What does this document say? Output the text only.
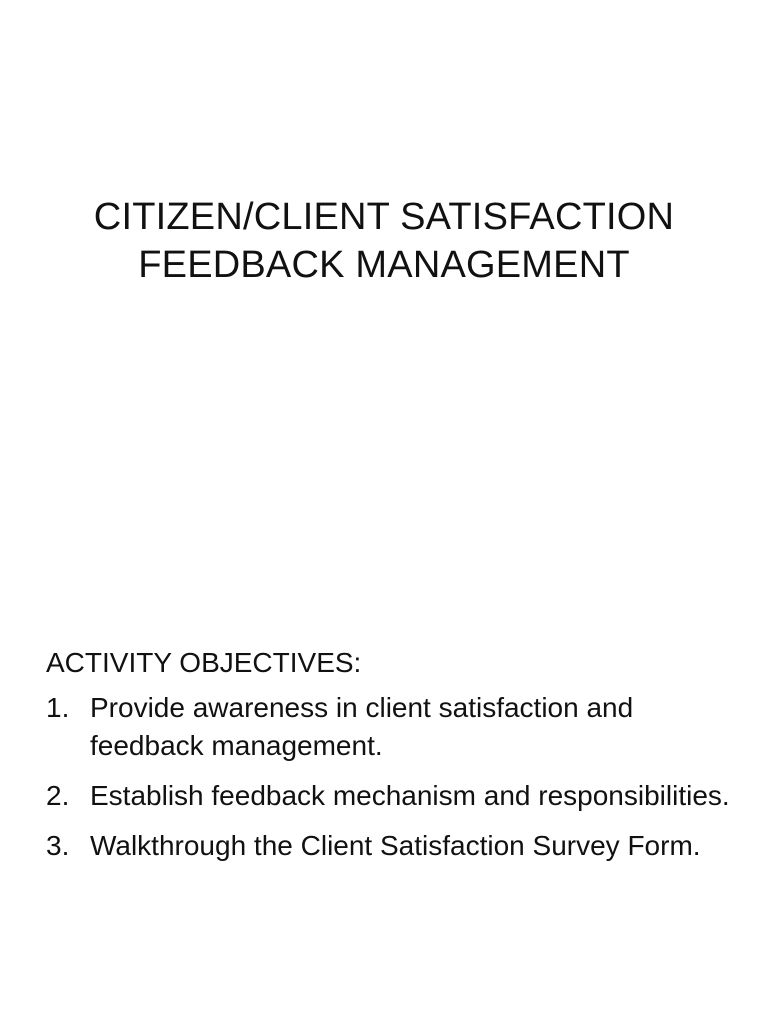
CITIZEN/CLIENT SATISFACTION
FEEDBACK MANAGEMENT
ACTIVITY OBJECTIVES:
1. Provide awareness in client satisfaction and feedback management.
2. Establish feedback mechanism and responsibilities.
3. Walkthrough the Client Satisfaction Survey Form.
